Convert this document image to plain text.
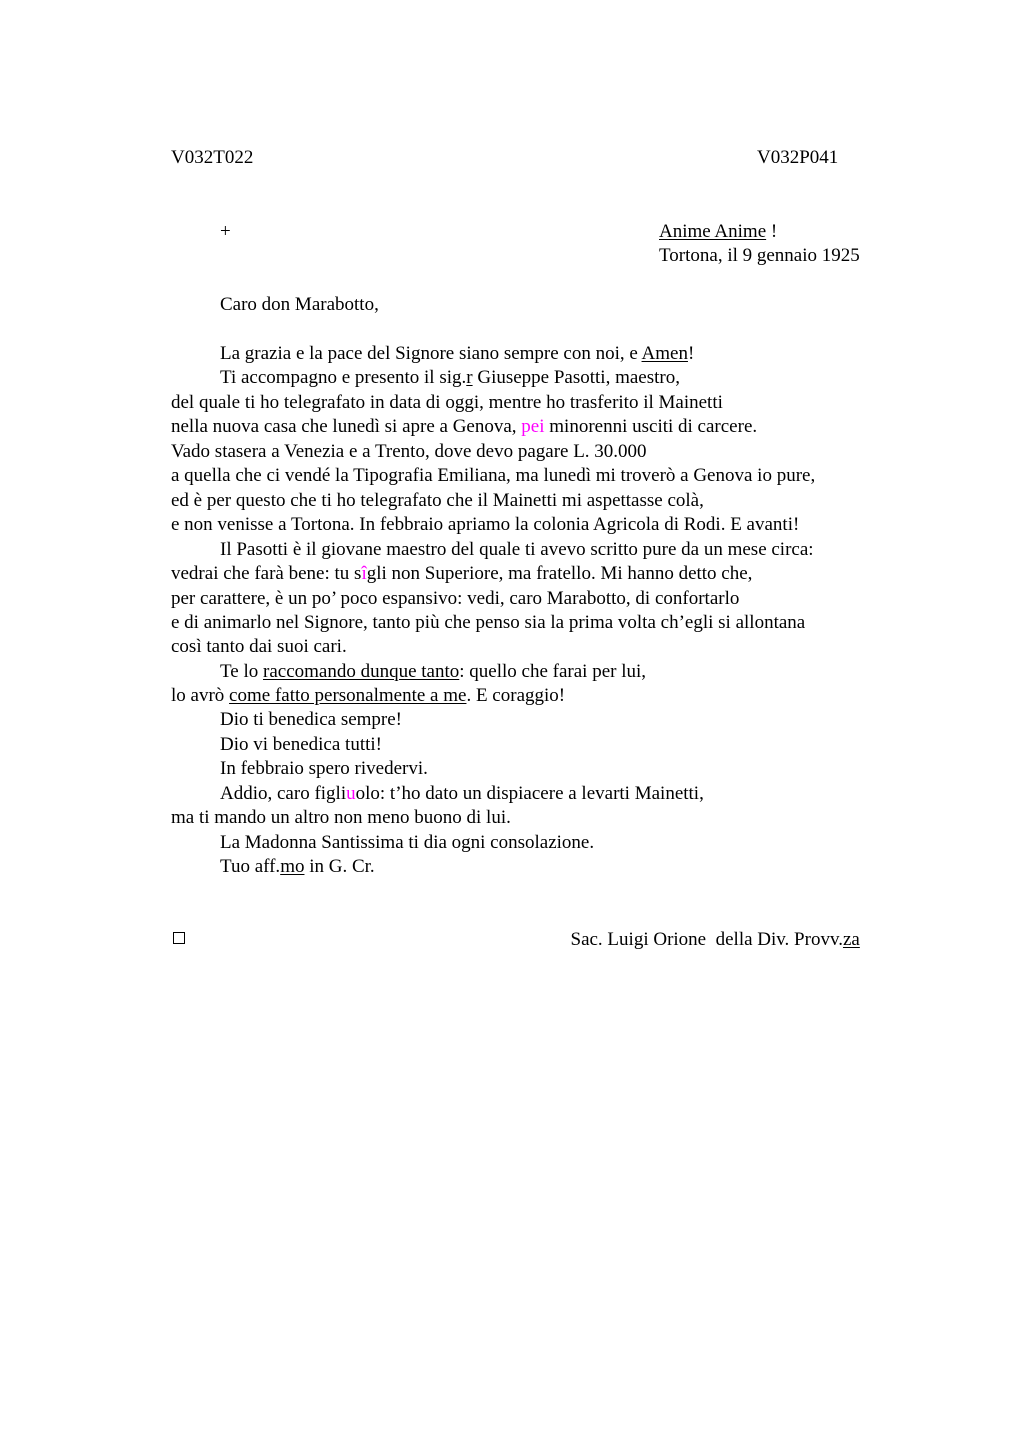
V032T022	V032P041
+	Anime Anime !
Tortona, il 9 gennaio 1925
Caro don Marabotto,
La grazia e la pace del Signore siano sempre con noi, e Amen!
Ti accompagno e presento il sig.r Giuseppe Pasotti, maestro,
del quale ti ho telegrafato in data di oggi, mentre ho trasferito il Mainetti
nella nuova casa che lunedì si apre a Genova, pei minorenni usciti di carcere.
Vado stasera a Venezia e a Trento, dove devo pagare L. 30.000
a quella che ci vendé la Tipografia Emiliana, ma lunedì mi troverò a Genova io pure,
ed è per questo che ti ho telegrafato che il Mainetti mi aspettasse colà,
e non venisse a Tortona. In febbraio apriamo la colonia Agricola di Rodi. E avanti!
Il Pasotti è il giovane maestro del quale ti avevo scritto pure da un mese circa:
vedrai che farà bene: tu sîgli non Superiore, ma fratello. Mi hanno detto che,
per carattere, è un po’ poco espansivo: vedi, caro Marabotto, di confortarlo
e di animarlo nel Signore, tanto più che penso sia la prima volta ch’egli si allontana
così tanto dai suoi cari.
Te lo raccomando dunque tanto: quello che farai per lui,
lo avrò come fatto personalmente a me. E coraggio!
Dio ti benedica sempre!
Dio vi benedica tutti!
In febbraio spero rivedervi.
Addio, caro figliuolo: t’ho dato un dispiacere a levarti Mainetti,
ma ti mando un altro non meno buono di lui.
La Madonna Santissima ti dia ogni consolazione.
Tuo aff.mo in G. Cr.

Sac. Luigi Orione  della Div. Provv.za
